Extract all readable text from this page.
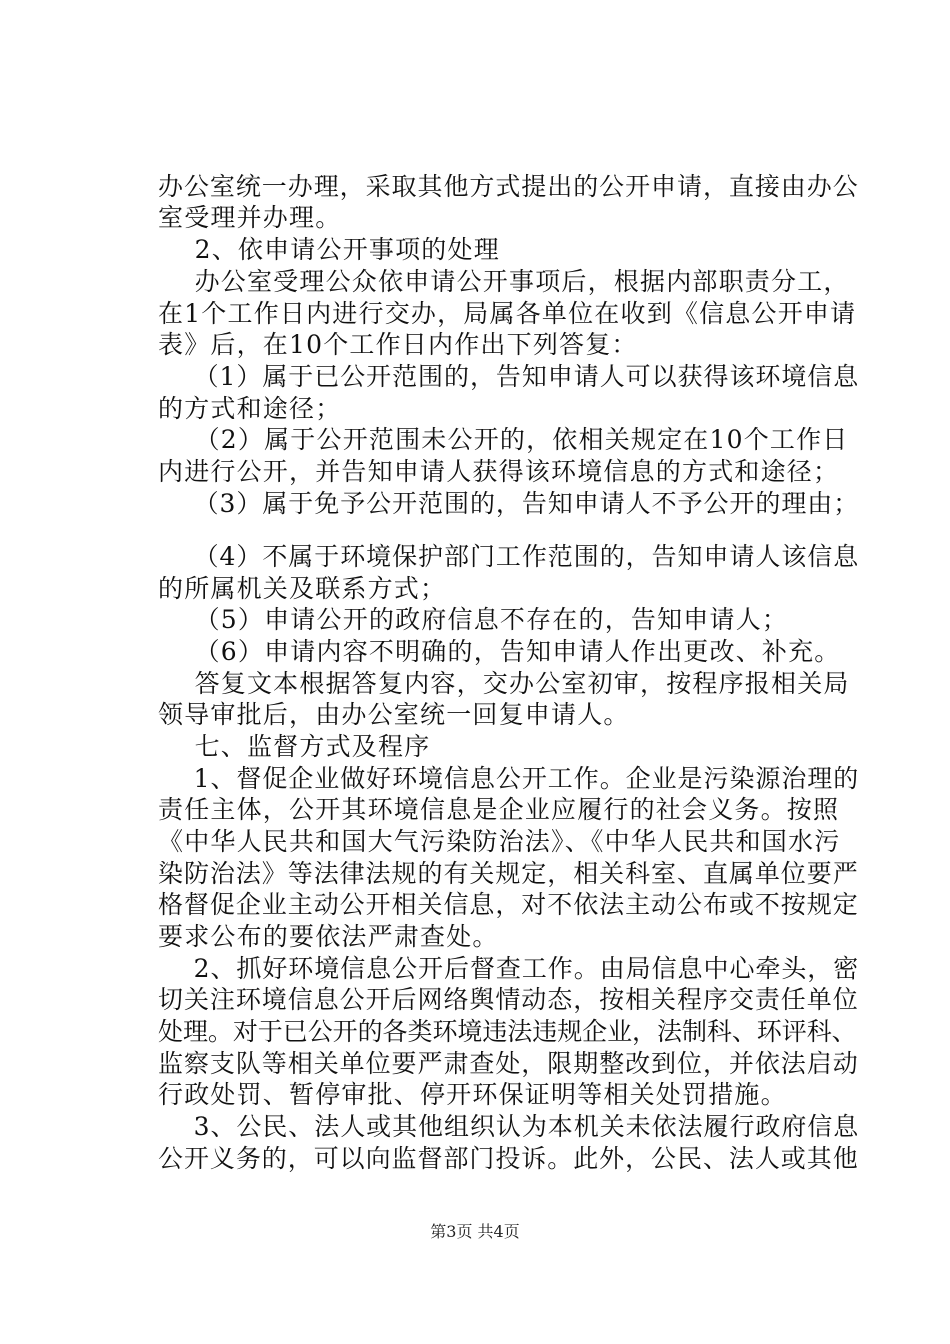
办公室统一办理，采取其他方式提出的公开申请，直接由办公
室受理并办理。
2、依申请公开事项的处理
办公室受理公众依申请公开事项后，根据内部职责分工，
在1个工作日内进行交办，局属各单位在收到《信息公开申请
表》后，在10个工作日内作出下列答复：
（1）属于已公开范围的，告知申请人可以获得该环境信息
的方式和途径；
（2）属于公开范围未公开的，依相关规定在10个工作日
内进行公开，并告知申请人获得该环境信息的方式和途径；
（3）属于免予公开范围的，告知申请人不予公开的理由；
（4）不属于环境保护部门工作范围的，告知申请人该信息
的所属机关及联系方式；
（5）申请公开的政府信息不存在的，告知申请人；
（6）申请内容不明确的，告知申请人作出更改、补充。
答复文本根据答复内容，交办公室初审，按程序报相关局
领导审批后，由办公室统一回复申请人。
七、监督方式及程序
1、督促企业做好环境信息公开工作。企业是污染源治理的
责任主体，公开其环境信息是企业应履行的社会义务。按照
《中华人民共和国大气污染防治法》、《中华人民共和国水污
染防治法》等法律法规的有关规定，相关科室、直属单位要严
格督促企业主动公开相关信息，对不依法主动公布或不按规定
要求公布的要依法严肃查处。
2、抓好环境信息公开后督查工作。由局信息中心牵头，密
切关注环境信息公开后网络舆情动态，按相关程序交责任单位
处理。对于已公开的各类环境违法违规企业，法制科、环评科、
监察支队等相关单位要严肃查处，限期整改到位，并依法启动
行政处罚、暂停审批、停开环保证明等相关处罚措施。
3、公民、法人或其他组织认为本机关未依法履行政府信息
公开义务的，可以向监督部门投诉。此外，公民、法人或其他
第3页 共4页
